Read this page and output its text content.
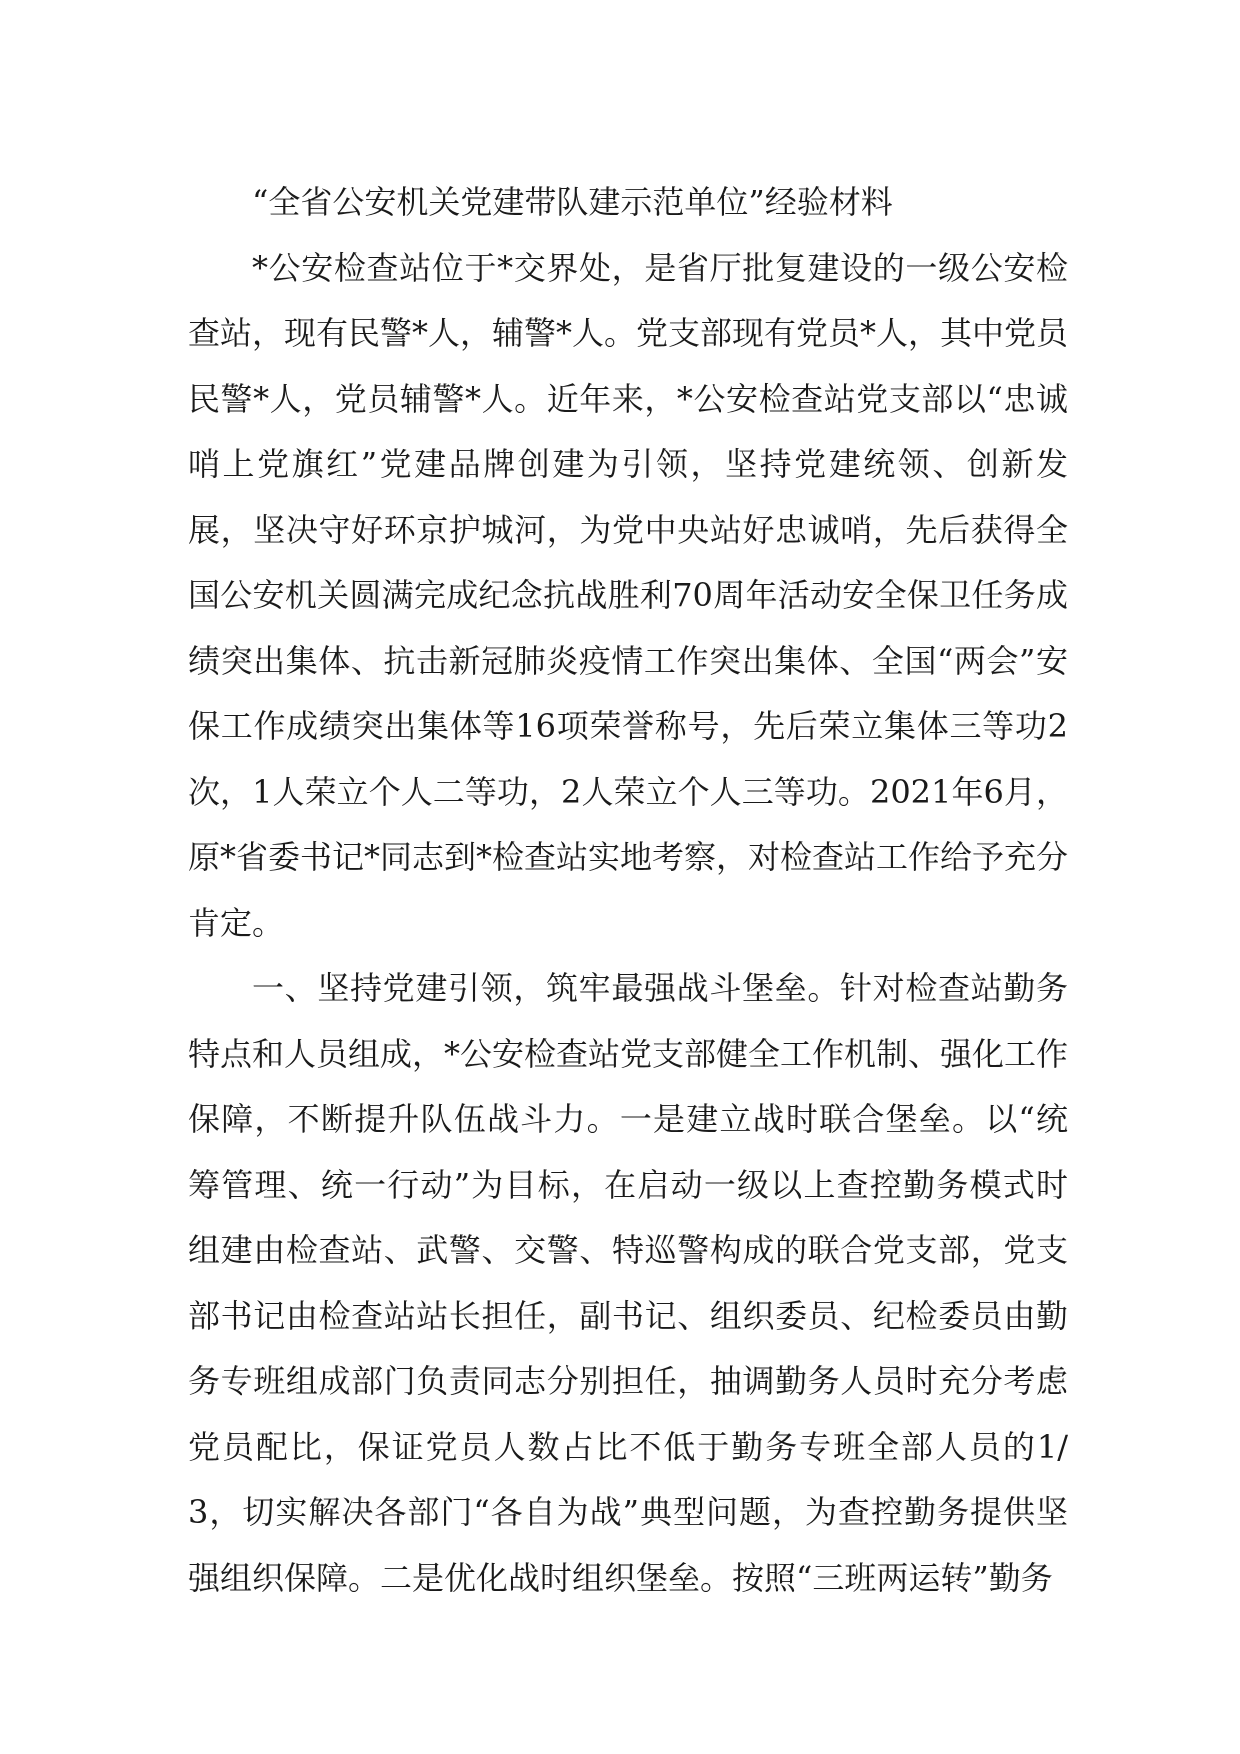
“全省公安机关党建带队建示范单位”经验材料

*公安检查站位于*交界处，是省厅批复建设的一级公安检查站，现有民警*人，辅警*人。党支部现有党员*人，其中党员民警*人，党员辅警*人。近年来，*公安检查站党支部以“忠诚哨上党旗红”党建品牌创建为引领，坚持党建统领、创新发展，坚决守好环京护城河，为党中央站好忠诚哨，先后获得全国公安机关圆满完成纪念抗战胜利70周年活动安全保卫任务成绩突出集体、抗击新冠肺炎疫情工作突出集体、全国“两会”安保工作成绩突出集体等16项荣誉称号，先后荣立集体三等功2次，1人荣立个人二等功，2人荣立个人三等功。2021年6月，原*省委书记*同志到*检查站实地考察，对检查站工作给予充分肯定。

一、坚持党建引领，筑牢最强战斗堡垒。针对检查站勤务特点和人员组成，*公安检查站党支部健全工作机制、强化工作保障，不断提升队伍战斗力。一是建立战时联合堡垒。以“统筹管理、统一行动”为目标，在启动一级以上查控勤务模式时组建由检查站、武警、交警、特巡警构成的联合党支部，党支部书记由检查站站长担任，副书记、组织委员、纪检委员由勤务专班组成部门负责同志分别担任，抽调勤务人员时充分考虑党员配比，保证党员人数占比不低于勤务专班全部人员的1/3，切实解决各部门“各自为战”典型问题，为查控勤务提供坚强组织保障。二是优化战时组织堡垒。按照“三班两运转”勤务
